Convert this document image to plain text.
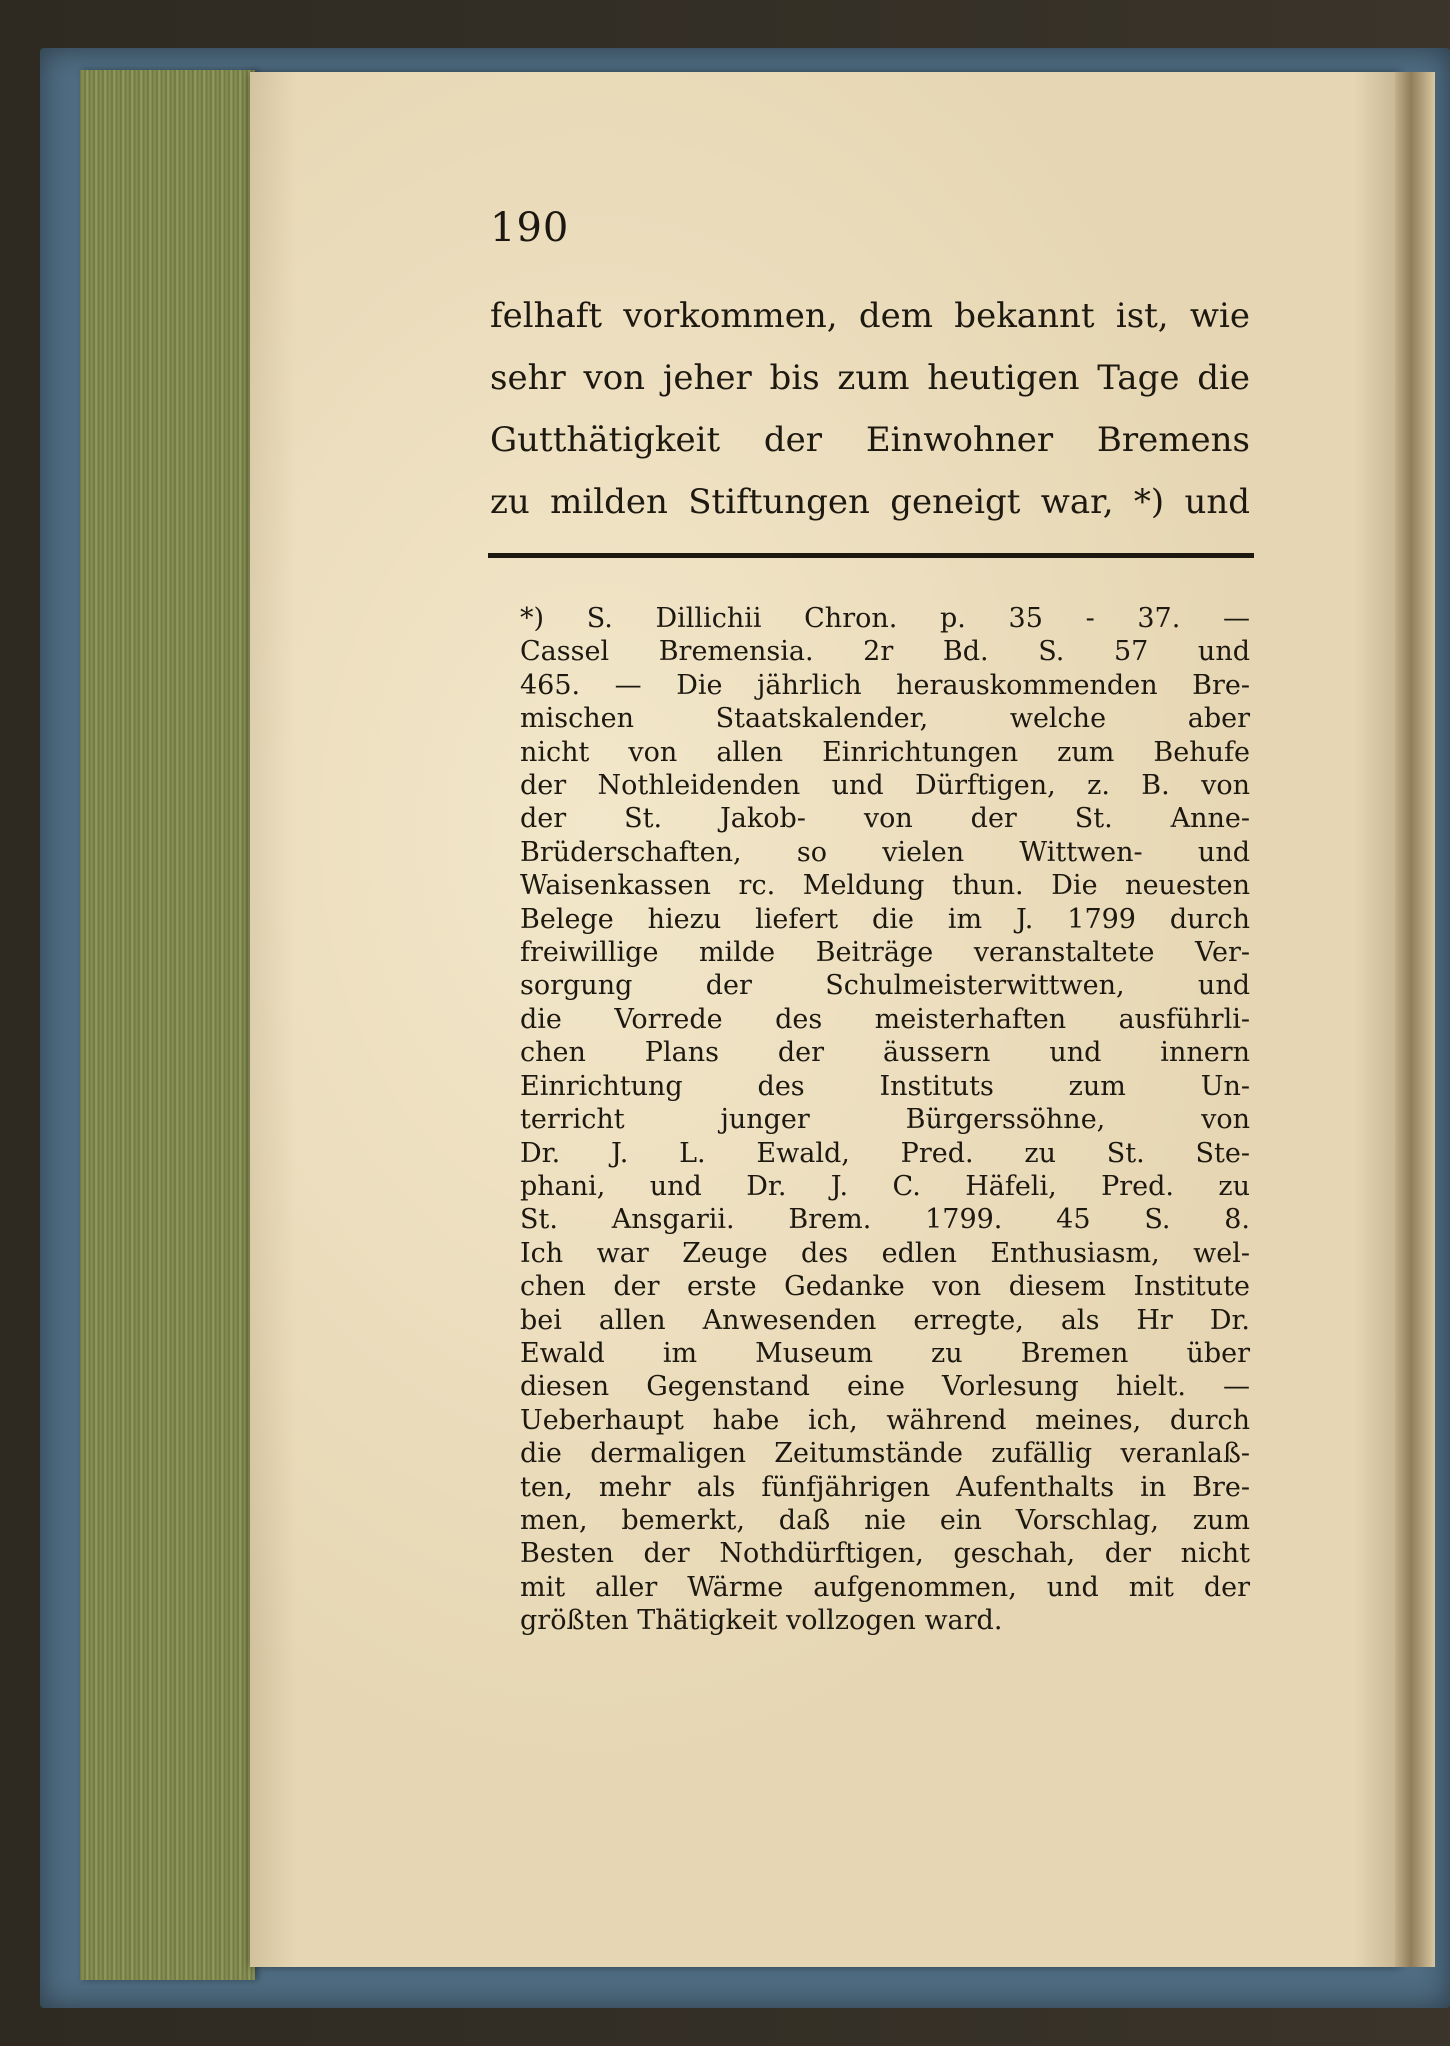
190
felhaft vorkommen, dem bekannt ist, wie
sehr von jeher bis zum heutigen Tage die
Gutthätigkeit der Einwohner Bremens
zu milden Stiftungen geneigt war, *) und
*) S. Dillichii Chron. p. 35 - 37. —
Cassel Bremensia. 2r Bd. S. 57 und
465. — Die jährlich herauskommenden Bre-
mischen Staatskalender, welche aber
nicht von allen Einrichtungen zum Behufe
der Nothleidenden und Dürftigen, z. B. von
der St. Jakob- von der St. Anne-
Brüderschaften, so vielen Wittwen- und
Waisenkassen rc. Meldung thun. Die neuesten
Belege hiezu liefert die im J. 1799 durch
freiwillige milde Beiträge veranstaltete Ver-
sorgung der Schulmeisterwittwen, und
die Vorrede des meisterhaften ausführli-
chen Plans der äussern und innern
Einrichtung des Instituts zum Un-
terricht junger Bürgerssöhne, von
Dr. J. L. Ewald, Pred. zu St. Ste-
phani, und Dr. J. C. Häfeli, Pred. zu
St. Ansgarii. Brem. 1799. 45 S. 8.
Ich war Zeuge des edlen Enthusiasm, wel-
chen der erste Gedanke von diesem Institute
bei allen Anwesenden erregte, als Hr Dr.
Ewald im Museum zu Bremen über
diesen Gegenstand eine Vorlesung hielt. —
Ueberhaupt habe ich, während meines, durch
die dermaligen Zeitumstände zufällig veranlaß-
ten, mehr als fünfjährigen Aufenthalts in Bre-
men, bemerkt, daß nie ein Vorschlag, zum
Besten der Nothdürftigen, geschah, der nicht
mit aller Wärme aufgenommen, und mit der
größten Thätigkeit vollzogen ward.
